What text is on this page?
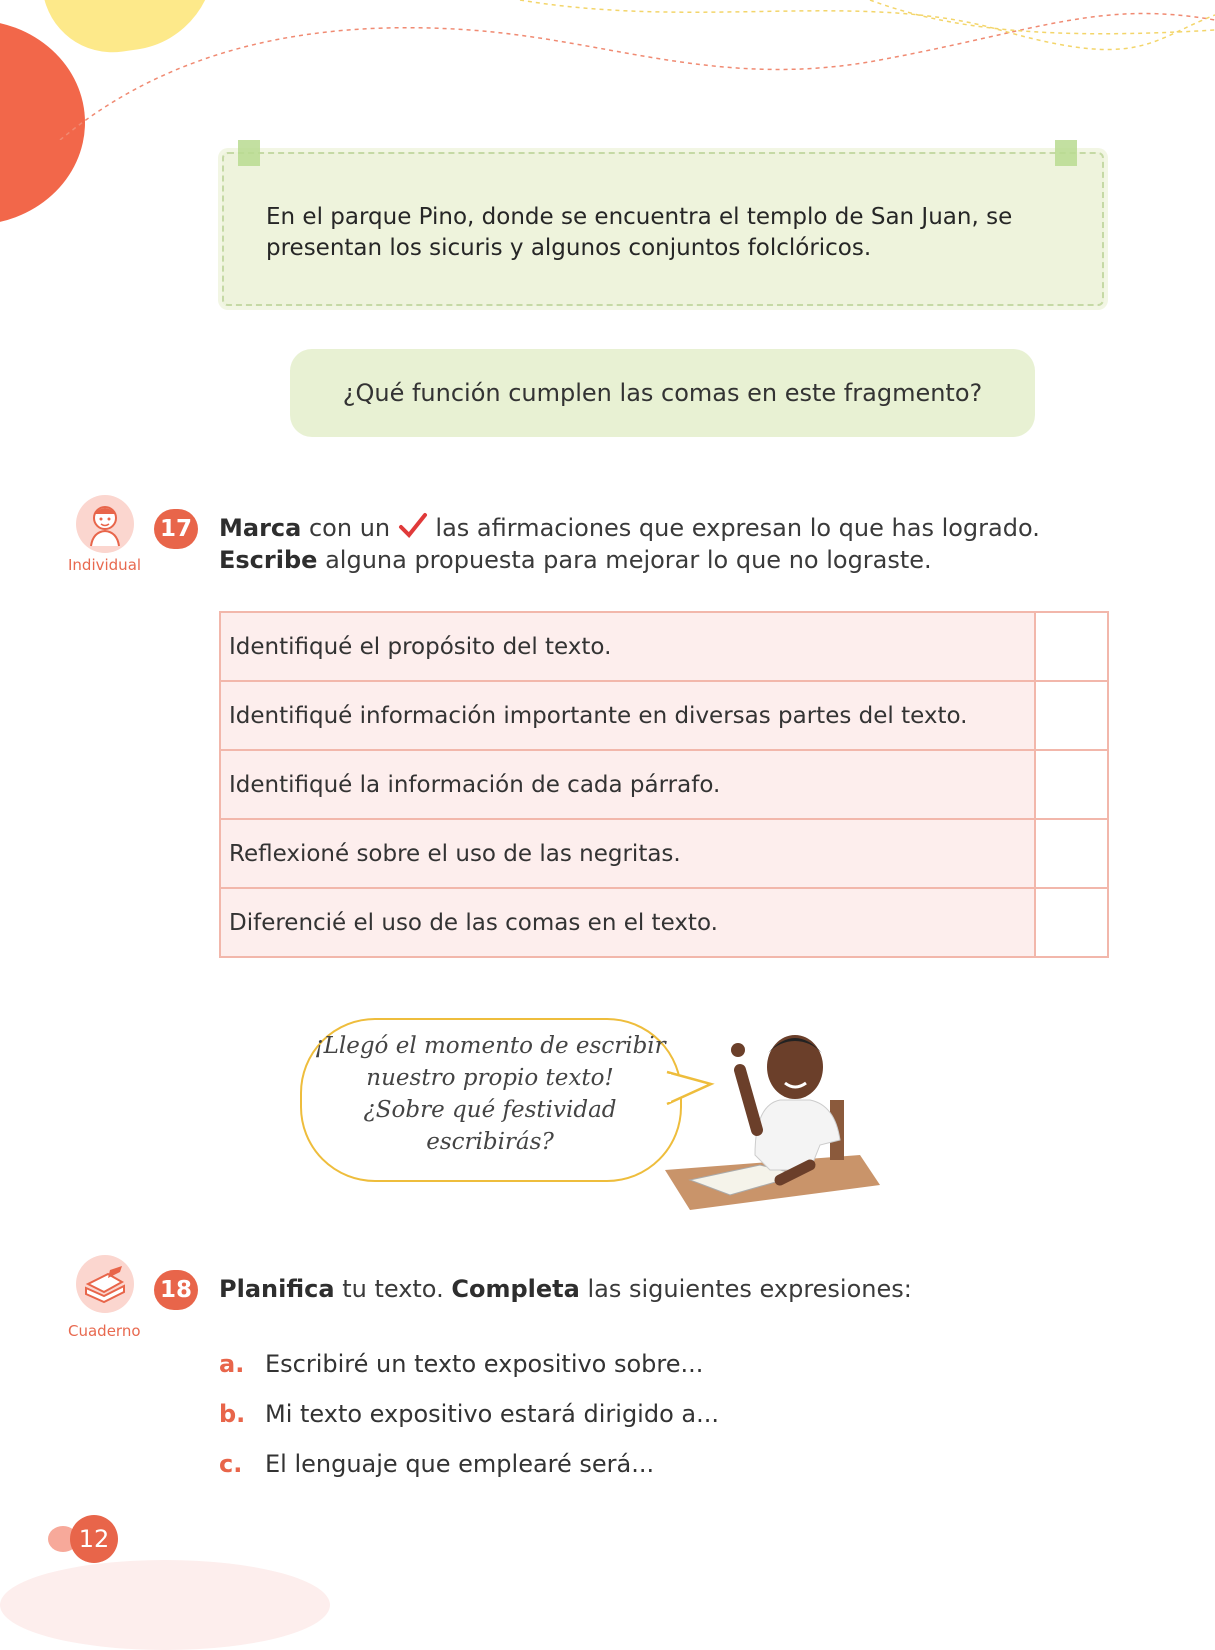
En el parque Pino, donde se encuentra el templo de San Juan, se presentan los sicuris y algunos conjuntos folclóricos.
¿Qué función cumplen las comas en este fragmento?
Individual
17 Marca con un las afirmaciones que expresan lo que has logrado.
Escribe alguna propuesta para mejorar lo que no lograste.
Identifiqué el propósito del texto.	
Identifiqué información importante en diversas partes del texto.	
Identifiqué la información de cada párrafo.	
Reflexioné sobre el uso de las negritas.	
Diferencié el uso de las comas en el texto.	
¡Llegó el momento de escribir
nuestro propio texto!
¿Sobre qué festividad
escribirás?
Cuaderno
18 Planifica tu texto. Completa las siguientes expresiones:
a. Escribiré un texto expositivo sobre...
b. Mi texto expositivo estará dirigido a...
c. El lenguaje que emplearé será...
12
